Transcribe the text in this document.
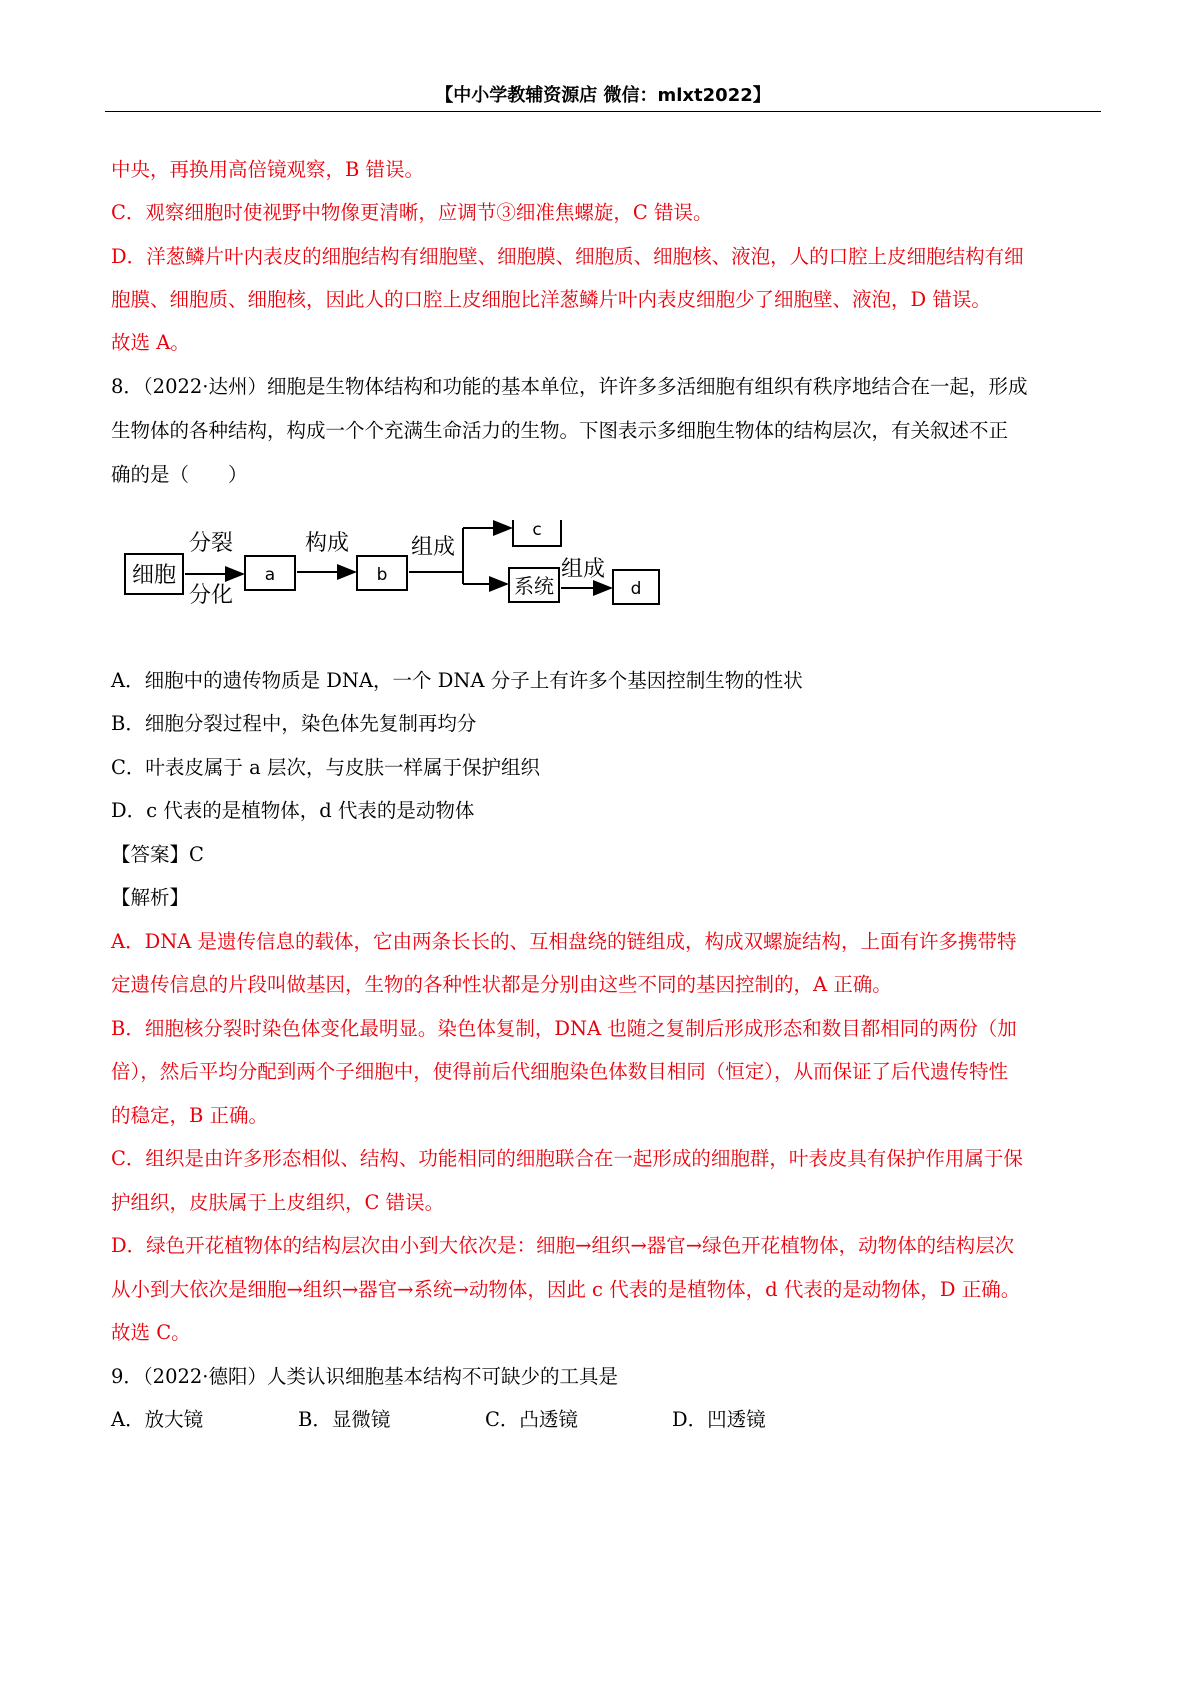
【中小学教辅资源店 微信：mlxt2022】
中央，再换用高倍镜观察，B 错误。
C．观察细胞时使视野中物像更清晰，应调节③细准焦螺旋，C 错误。
D．洋葱鳞片叶内表皮的细胞结构有细胞壁、细胞膜、细胞质、细胞核、液泡，人的口腔上皮细胞结构有细
胞膜、细胞质、细胞核，因此人的口腔上皮细胞比洋葱鳞片叶内表皮细胞少了细胞壁、液泡，D 错误。
故选 A。
8．（2022·达州）细胞是生物体结构和功能的基本单位，许许多多活细胞有组织有秩序地结合在一起，形成
生物体的各种结构，构成一个个充满生命活力的生物。下图表示多细胞生物体的结构层次，有关叙述不正
确的是（　　）
细胞
分裂
分化
a
构成
b
组成
c
系统
组成
d
A．细胞中的遗传物质是 DNA，一个 DNA 分子上有许多个基因控制生物的性状
B．细胞分裂过程中，染色体先复制再均分
C．叶表皮属于 a 层次，与皮肤一样属于保护组织
D．c 代表的是植物体，d 代表的是动物体
【答案】C
【解析】
A．DNA 是遗传信息的载体，它由两条长长的、互相盘绕的链组成，构成双螺旋结构，上面有许多携带特
定遗传信息的片段叫做基因，生物的各种性状都是分别由这些不同的基因控制的，A 正确。
B．细胞核分裂时染色体变化最明显。染色体复制，DNA 也随之复制后形成形态和数目都相同的两份（加
倍），然后平均分配到两个子细胞中，使得前后代细胞染色体数目相同（恒定），从而保证了后代遗传特性
的稳定，B 正确。
C．组织是由许多形态相似、结构、功能相同的细胞联合在一起形成的细胞群，叶表皮具有保护作用属于保
护组织，皮肤属于上皮组织，C 错误。
D．绿色开花植物体的结构层次由小到大依次是：细胞→组织→器官→绿色开花植物体，动物体的结构层次
从小到大依次是细胞→组织→器官→系统→动物体，因此 c 代表的是植物体，d 代表的是动物体，D 正确。
故选 C。
9．（2022·德阳）人类认识细胞基本结构不可缺少的工具是
A．放大镜	B．显微镜	C．凸透镜	D．凹透镜
